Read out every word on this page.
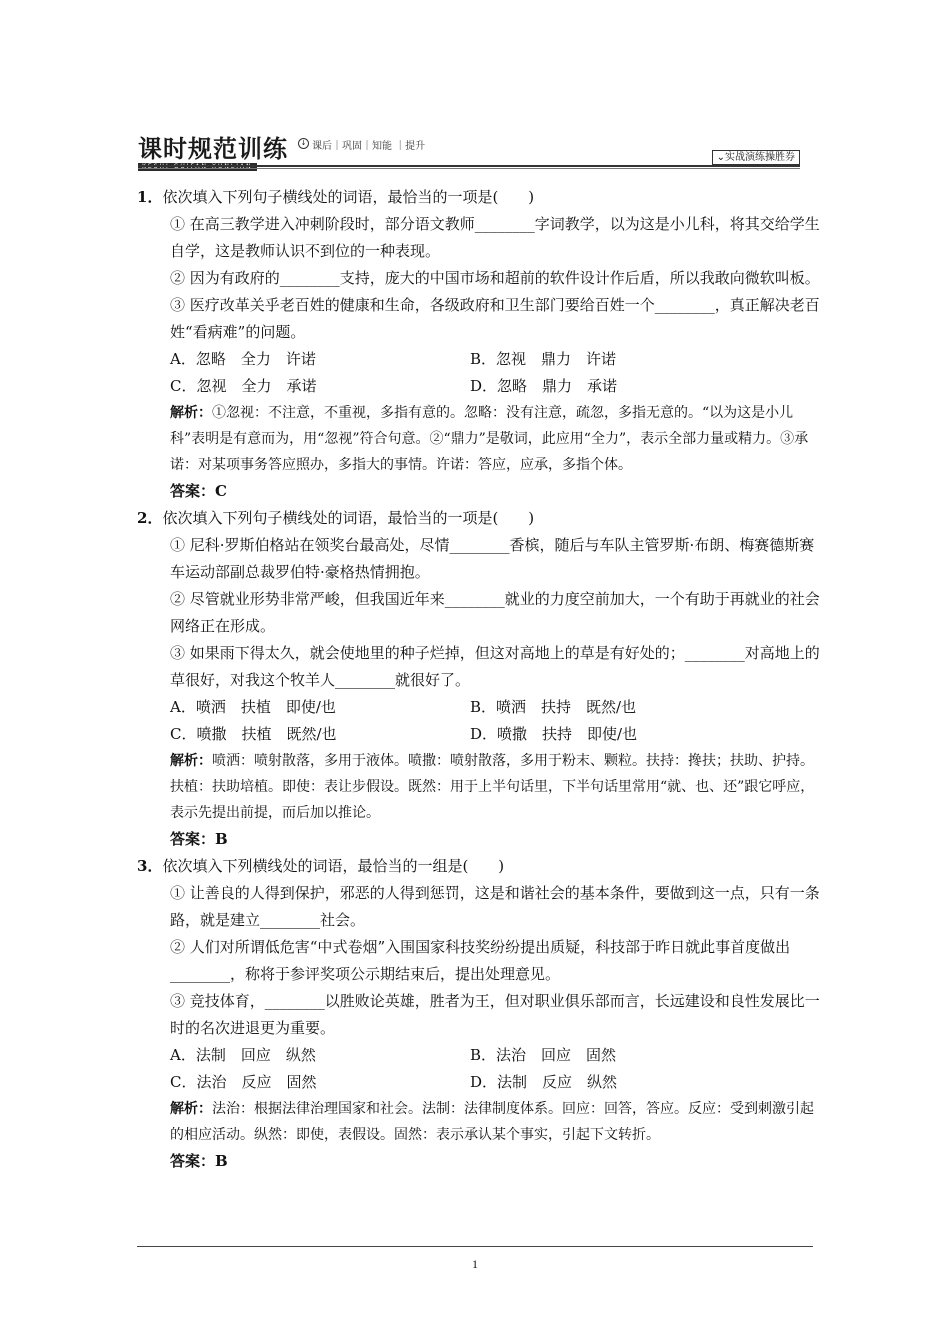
课时规范训练	↓ 课后｜巩固｜知能 ｜提升
⌄实战演练操胜券
1．依次填入下列句子横线处的词语，最恰当的一项是(　　)

① 在高三教学进入冲刺阶段时，部分语文教师________字词教学，以为这是小儿科，将其交给学生自学，这是教师认识不到位的一种表现。

② 因为有政府的________支持，庞大的中国市场和超前的软件设计作后盾，所以我敢向微软叫板。

③ 医疗改革关乎老百姓的健康和生命，各级政府和卫生部门要给百姓一个________，真正解决老百姓“看病难”的问题。

A．忽略　全力　许诺	B．忽视　鼎力　许诺
C．忽视　全力　承诺	D．忽略　鼎力　承诺

解析：①忽视：不注意，不重视，多指有意的。忽略：没有注意，疏忽，多指无意的。“以为这是小儿科”表明是有意而为，用“忽视”符合句意。②“鼎力”是敬词，此应用“全力”，表示全部力量或精力。③承诺：对某项事务答应照办，多指大的事情。许诺：答应，应承，多指个体。

答案：C
2．依次填入下列句子横线处的词语，最恰当的一项是(　　)

① 尼科·罗斯伯格站在领奖台最高处，尽情________香槟，随后与车队主管罗斯·布朗、梅赛德斯赛车运动部副总裁罗伯特·豪格热情拥抱。

② 尽管就业形势非常严峻，但我国近年来________就业的力度空前加大，一个有助于再就业的社会网络正在形成。

③ 如果雨下得太久，就会使地里的种子烂掉，但这对高地上的草是有好处的；________对高地上的草很好，对我这个牧羊人________就很好了。

A．喷洒　扶植　即使/也	B．喷洒　扶持　既然/也
C．喷撒　扶植　既然/也	D．喷撒　扶持　即使/也

解析：喷洒：喷射散落，多用于液体。喷撒：喷射散落，多用于粉末、颗粒。扶持：搀扶；扶助、护持。扶植：扶助培植。即使：表让步假设。既然：用于上半句话里，下半句话里常用“就、也、还”跟它呼应，表示先提出前提，而后加以推论。

答案：B
3．依次填入下列横线处的词语，最恰当的一组是(　　)

① 让善良的人得到保护，邪恶的人得到惩罚，这是和谐社会的基本条件，要做到这一点，只有一条路，就是建立________社会。

② 人们对所谓低危害“中式卷烟”入围国家科技奖纷纷提出质疑，科技部于昨日就此事首度做出________，称将于参评奖项公示期结束后，提出处理意见。

③ 竞技体育，________以胜败论英雄，胜者为王，但对职业俱乐部而言，长远建设和良性发展比一时的名次进退更为重要。

A．法制　回应　纵然	B．法治　回应　固然
C．法治　反应　固然	D．法制　反应　纵然

解析：法治：根据法律治理国家和社会。法制：法律制度体系。回应：回答，答应。反应：受到刺激引起的相应活动。纵然：即使，表假设。固然：表示承认某个事实，引起下文转折。

答案：B
1
